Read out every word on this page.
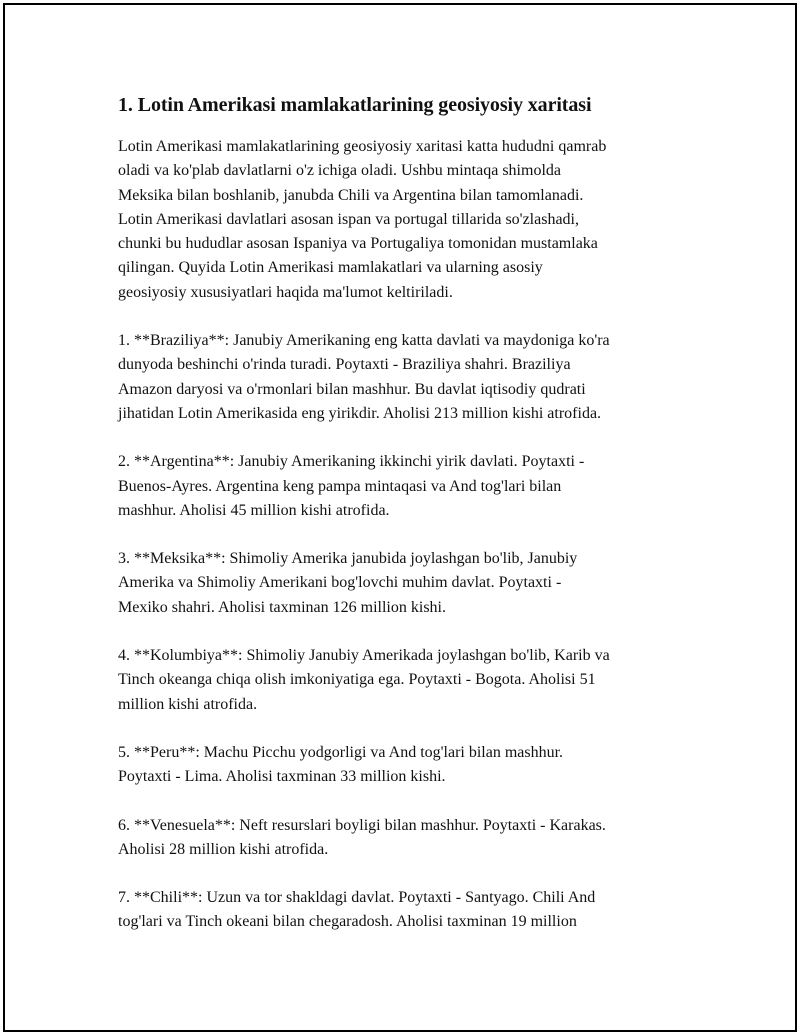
1. Lotin Amerikasi mamlakatlarining geosiyosiy xaritasi

Lotin Amerikasi mamlakatlarining geosiyosiy xaritasi katta hududni qamrab
oladi va ko'plab davlatlarni o'z ichiga oladi. Ushbu mintaqa shimolda
Meksika bilan boshlanib, janubda Chili va Argentina bilan tamomlanadi.
Lotin Amerikasi davlatlari asosan ispan va portugal tillarida so'zlashadi,
chunki bu hududlar asosan Ispaniya va Portugaliya tomonidan mustamlaka
qilingan. Quyida Lotin Amerikasi mamlakatlari va ularning asosiy
geosiyosiy xususiyatlari haqida ma'lumot keltiriladi.

1. **Braziliya**: Janubiy Amerikaning eng katta davlati va maydoniga ko'ra
dunyoda beshinchi o'rinda turadi. Poytaxti - Braziliya shahri. Braziliya
Amazon daryosi va o'rmonlari bilan mashhur. Bu davlat iqtisodiy qudrati
jihatidan Lotin Amerikasida eng yirikdir. Aholisi 213 million kishi atrofida.

2. **Argentina**: Janubiy Amerikaning ikkinchi yirik davlati. Poytaxti -
Buenos-Ayres. Argentina keng pampa mintaqasi va And tog'lari bilan
mashhur. Aholisi 45 million kishi atrofida.

3. **Meksika**: Shimoliy Amerika janubida joylashgan bo'lib, Janubiy
Amerika va Shimoliy Amerikani bog'lovchi muhim davlat. Poytaxti -
Mexiko shahri. Aholisi taxminan 126 million kishi.

4. **Kolumbiya**: Shimoliy Janubiy Amerikada joylashgan bo'lib, Karib va
Tinch okeanga chiqa olish imkoniyatiga ega. Poytaxti - Bogota. Aholisi 51
million kishi atrofida.

5. **Peru**: Machu Picchu yodgorligi va And tog'lari bilan mashhur.
Poytaxti - Lima. Aholisi taxminan 33 million kishi.

6. **Venesuela**: Neft resurslari boyligi bilan mashhur. Poytaxti - Karakas.
Aholisi 28 million kishi atrofida.

7. **Chili**: Uzun va tor shakldagi davlat. Poytaxti - Santyago. Chili And
tog'lari va Tinch okeani bilan chegaradosh. Aholisi taxminan 19 million
